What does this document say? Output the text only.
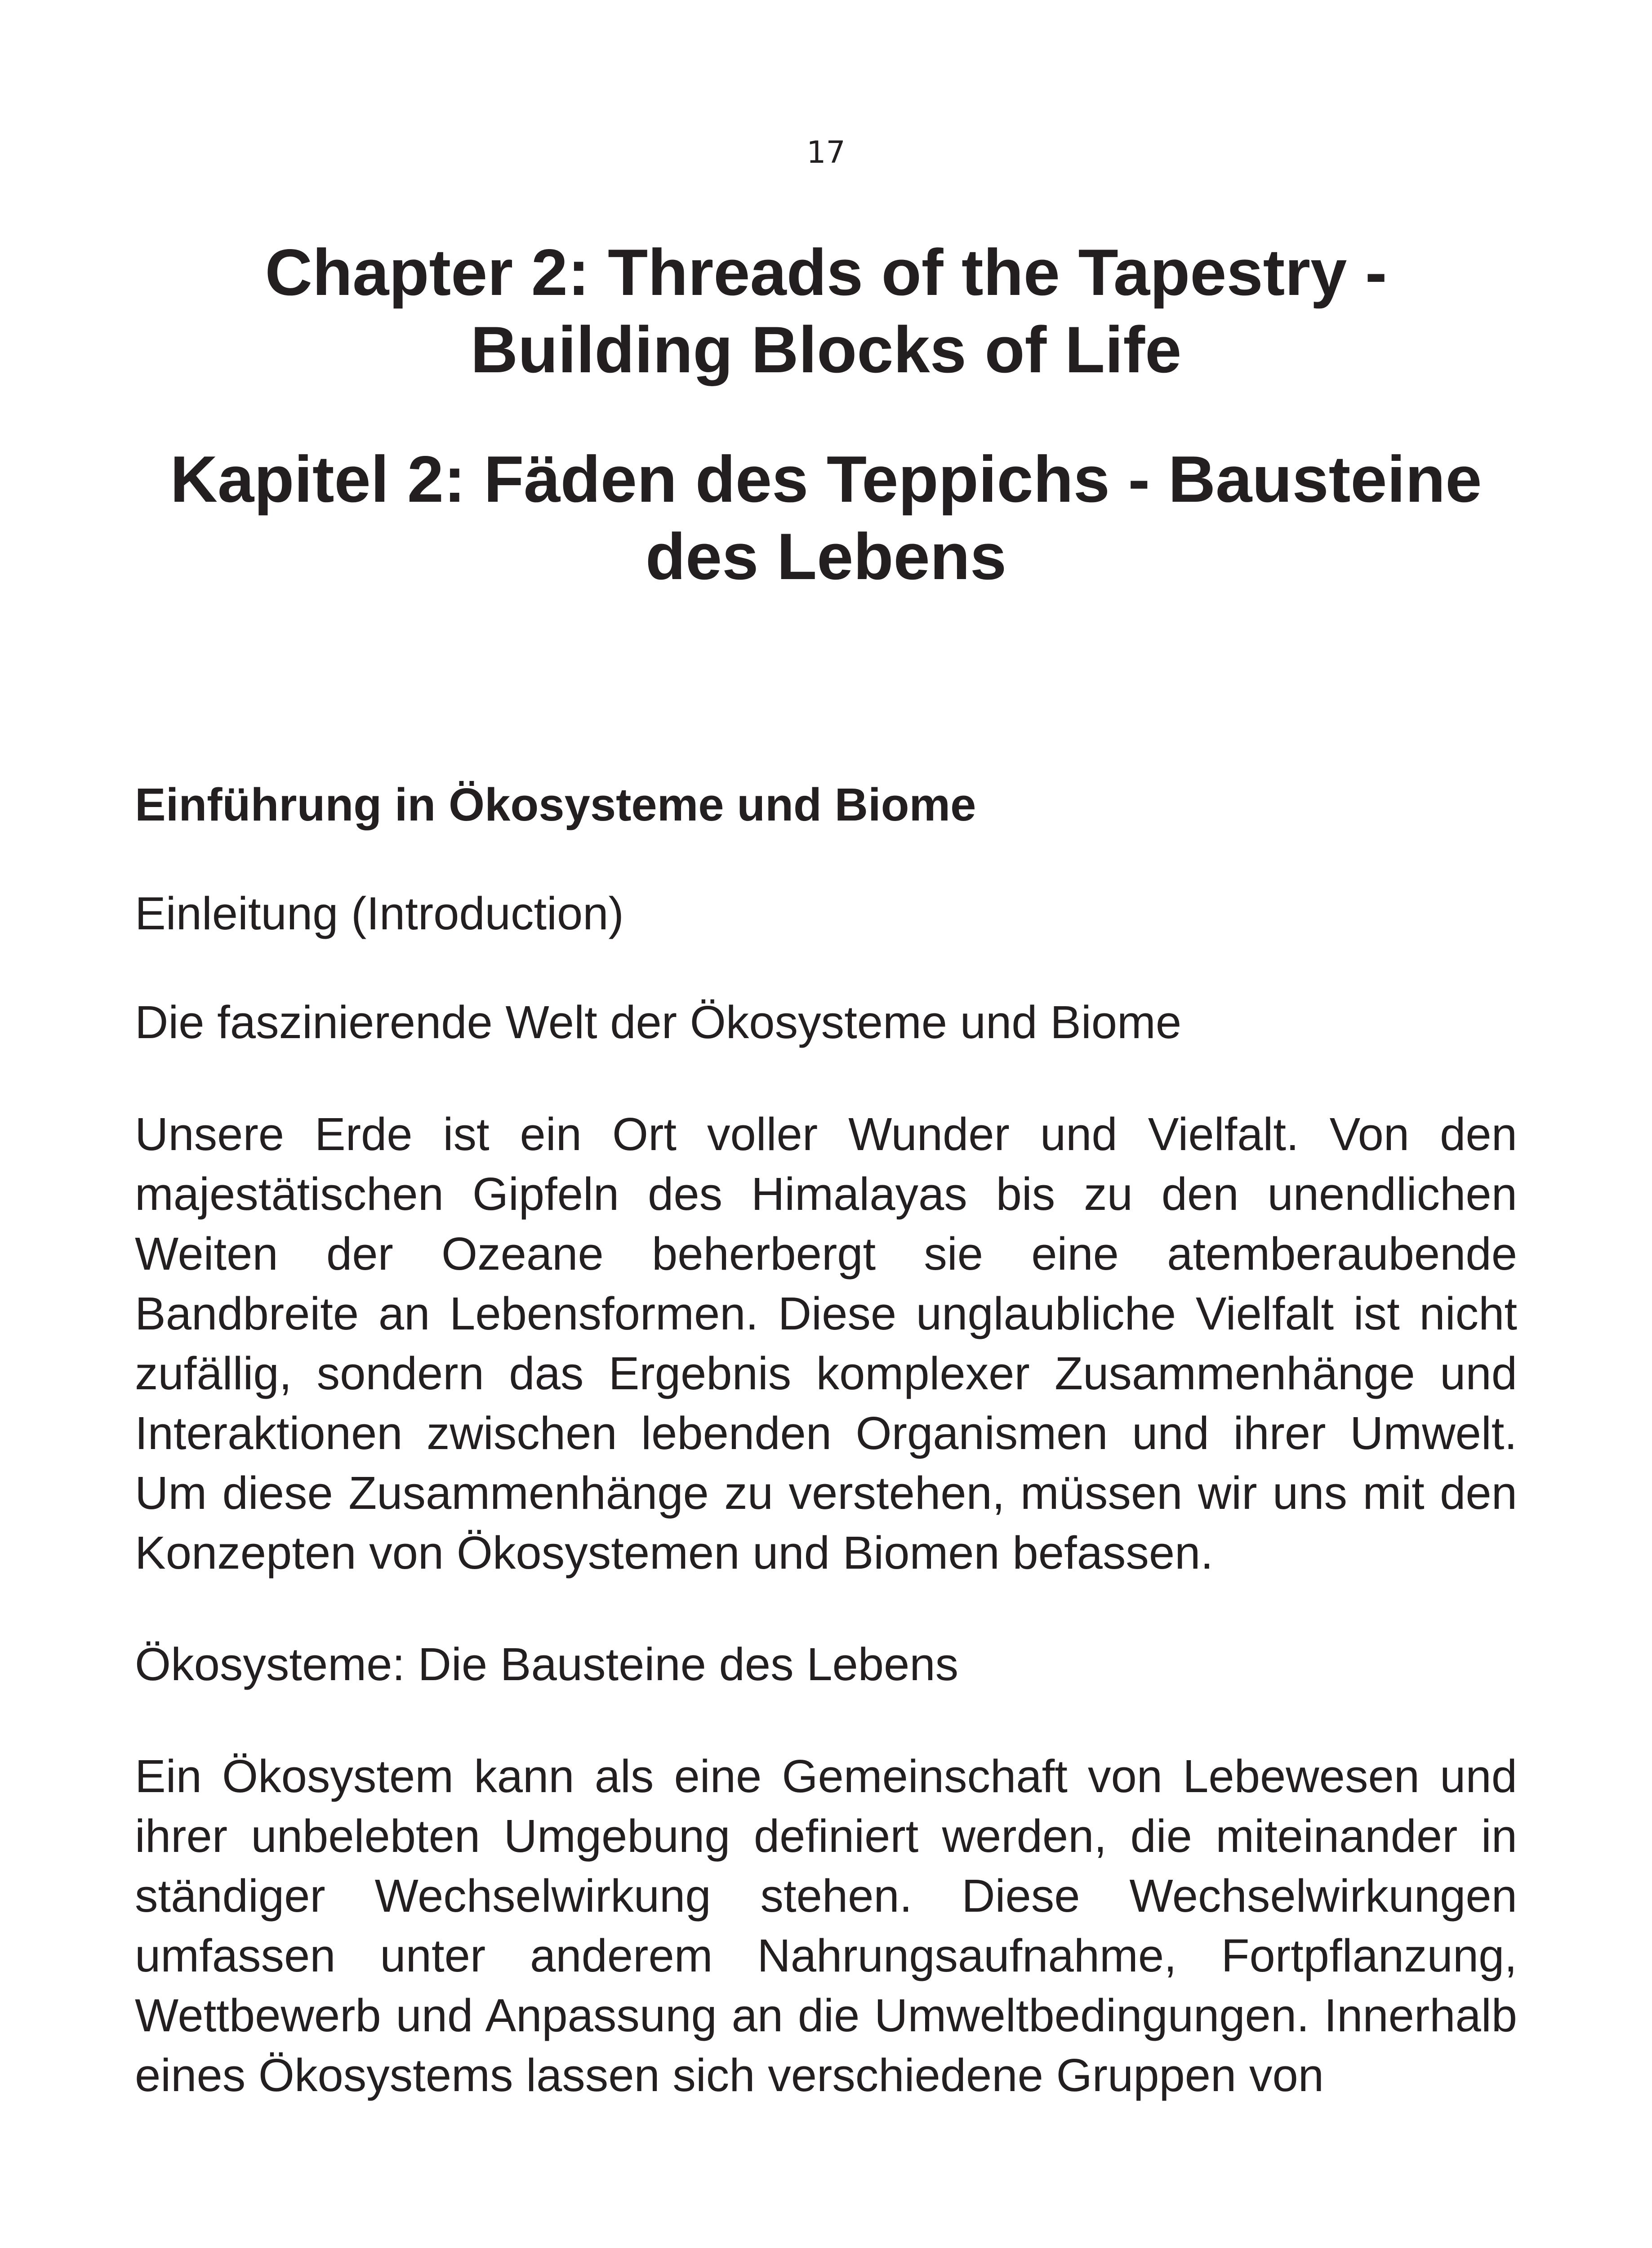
17
Chapter 2: Threads of the Tapestry -
Building Blocks of Life
Kapitel 2: Fäden des Teppichs - Bausteine
des Lebens
Einführung in Ökosysteme und Biome

Einleitung (Introduction)

Die faszinierende Welt der Ökosysteme und Biome

Unsere Erde ist ein Ort voller Wunder und Vielfalt. Von den majestätischen Gipfeln des Himalayas bis zu den unendlichen Weiten der Ozeane beherbergt sie eine atemberaubende Bandbreite an Lebensformen. Diese unglaubliche Vielfalt ist nicht zufällig, sondern das Ergebnis komplexer Zusammenhänge und Interaktionen zwischen lebenden Organismen und ihrer Umwelt. Um diese Zusammenhänge zu verstehen, müssen wir uns mit den Konzepten von Ökosystemen und Biomen befassen.

Ökosysteme: Die Bausteine des Lebens

Ein Ökosystem kann als eine Gemeinschaft von Lebewesen und ihrer unbelebten Umgebung definiert werden, die miteinander in ständiger Wechselwirkung stehen. Diese Wechselwirkungen umfassen unter anderem Nahrungsaufnahme, Fortpflanzung, Wettbewerb und Anpassung an die Umweltbedingungen. Innerhalb eines Ökosystems lassen sich verschiedene Gruppen von
